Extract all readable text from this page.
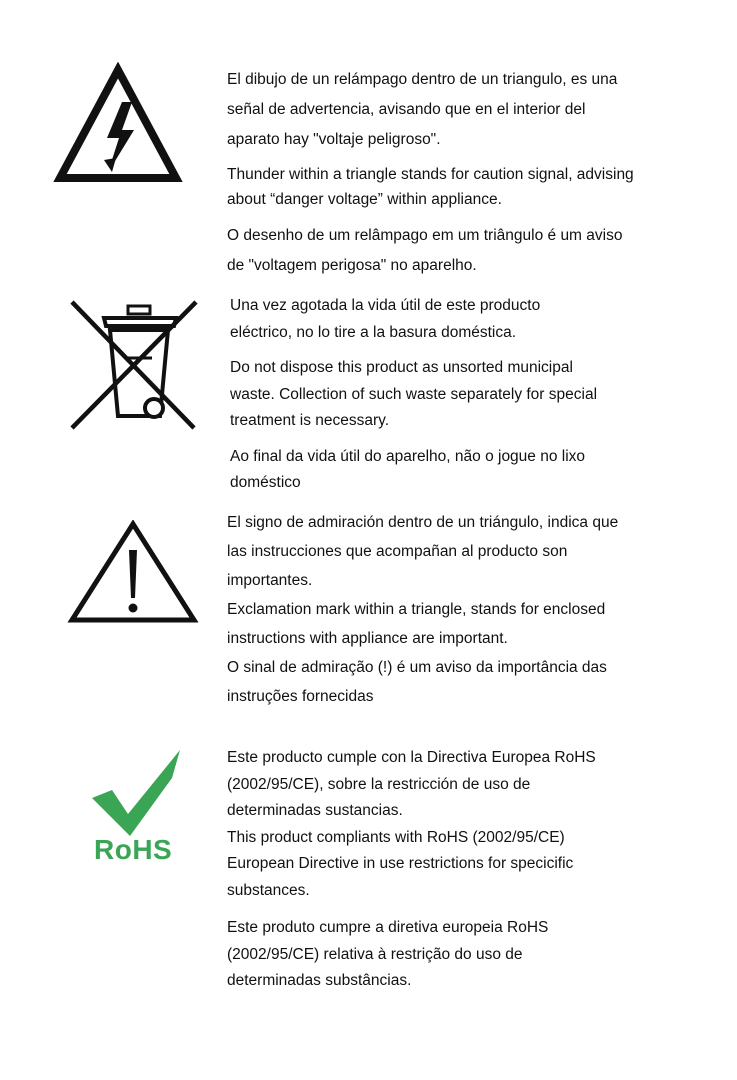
El dibujo de un relámpago dentro de un triangulo, es una

señal de advertencia, avisando que en el interior del

aparato hay "voltaje peligroso".

Thunder within a triangle stands for caution signal, advising

about “danger voltage” within appliance.

O desenho de um relâmpago em um triângulo é um aviso

de "voltagem perigosa" no aparelho.

Una vez agotada la vida útil de este producto

eléctrico, no lo tire a la basura doméstica.

Do not dispose this product as unsorted municipal

waste. Collection of such waste separately for special

treatment is necessary.

Ao final da vida útil do aparelho, não o jogue no lixo

doméstico

El signo de admiración dentro de un triángulo, indica que

las instrucciones que acompañan al producto son

importantes.

Exclamation mark within a triangle, stands for enclosed

instructions with appliance are important.

O sinal de admiração (!) é um aviso da importância das

instruções fornecidas

RoHS

Este producto cumple con la Directiva Europea RoHS

(2002/95/CE), sobre la restricción de uso de

determinadas sustancias.

This product compliants with RoHS (2002/95/CE)

European Directive in use restrictions for specicific

substances.

Este produto cumpre a diretiva europeia RoHS

(2002/95/CE) relativa à restrição do uso de

determinadas substâncias.
